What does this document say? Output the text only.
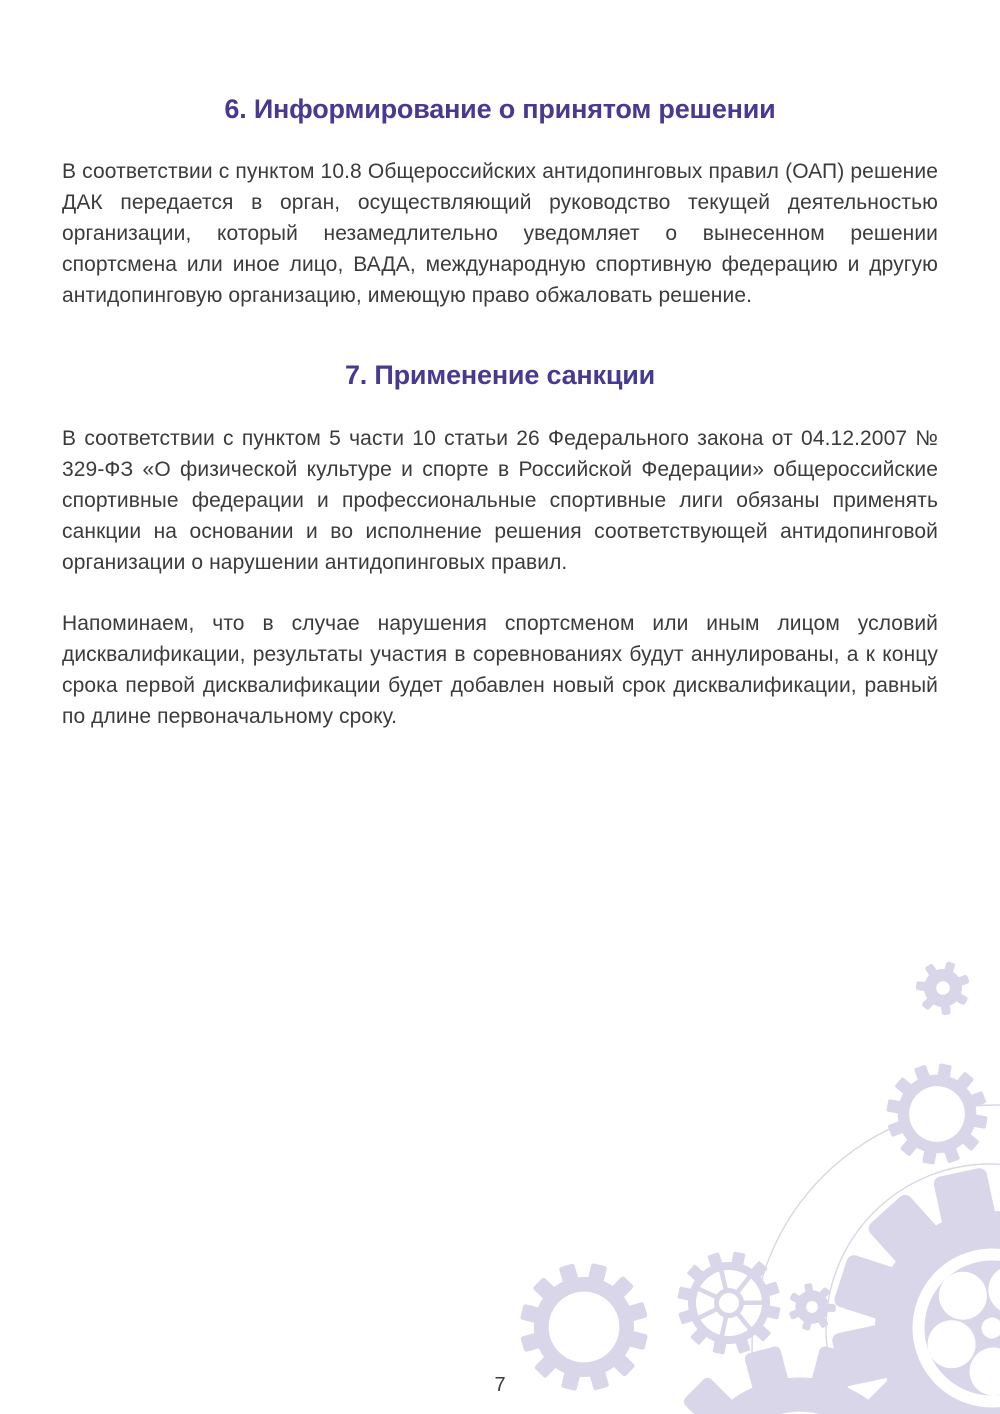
6. Информирование о принятом решении

В соответствии с пунктом 10.8 Общероссийских антидопинговых правил (ОАП) решение ДАК передается в орган, осуществляющий руководство текущей деятельностью организации, который незамедлительно уведомляет о вынесенном решении спортсмена или иное лицо, ВАДА, международную спортивную федерацию и другую антидопинговую организацию, имеющую право обжаловать решение.

7. Применение санкции

В соответствии с пунктом 5 части 10 статьи 26 Федерального закона от 04.12.2007 № 329-ФЗ «О физической культуре и спорте в Российской Федерации» общероссийские спортивные федерации и профессиональные спортивные лиги обязаны применять санкции на основании и во исполнение решения соответствующей антидопинговой организации о нарушении антидопинговых правил.

Напоминаем, что в случае нарушения спортсменом или иным лицом условий дисквалификации, результаты участия в соревнованиях будут аннулированы, а к концу срока первой дисквалификации будет добавлен новый срок дисквалификации, равный по длине первоначальному сроку.

7
